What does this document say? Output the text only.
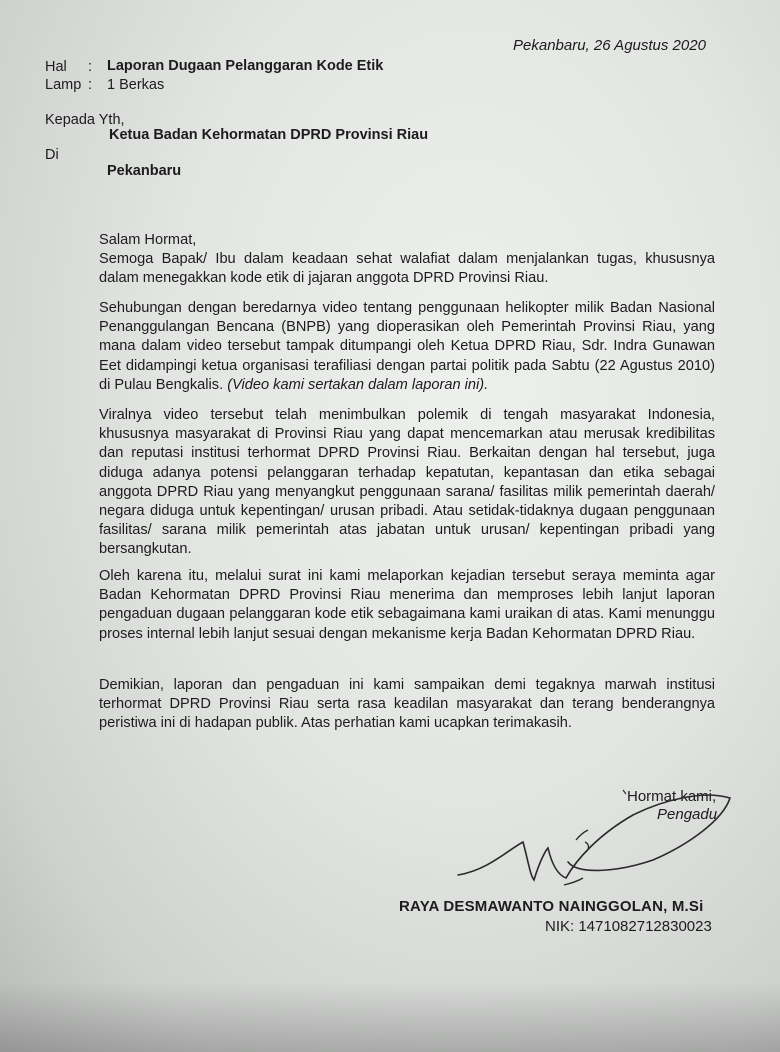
Pekanbaru, 26 Agustus 2020
Hal : Laporan Dugaan Pelanggaran Kode Etik
Lamp : 1 Berkas
Kepada Yth,
Ketua Badan Kehormatan DPRD Provinsi Riau
Di
Pekanbaru
Salam Hormat,
Semoga Bapak/ Ibu dalam keadaan sehat walafiat dalam menjalankan tugas, khususnya dalam menegakkan kode etik di jajaran anggota DPRD Provinsi Riau.
Sehubungan dengan beredarnya video tentang penggunaan helikopter milik Badan Nasional Penanggulangan Bencana (BNPB) yang dioperasikan oleh Pemerintah Provinsi Riau, yang mana dalam video tersebut tampak ditumpangi oleh Ketua DPRD Riau, Sdr. Indra Gunawan Eet didampingi ketua organisasi terafiliasi dengan partai politik pada Sabtu (22 Agustus 2010) di Pulau Bengkalis. (Video kami sertakan dalam laporan ini).
Viralnya video tersebut telah menimbulkan polemik di tengah masyarakat Indonesia, khususnya masyarakat di Provinsi Riau yang dapat mencemarkan atau merusak kredibilitas dan reputasi institusi terhormat DPRD Provinsi Riau. Berkaitan dengan hal tersebut, juga diduga adanya potensi pelanggaran terhadap kepatutan, kepantasan dan etika sebagai anggota DPRD Riau yang menyangkut penggunaan sarana/ fasilitas milik pemerintah daerah/ negara diduga untuk kepentingan/ urusan pribadi. Atau setidak-tidaknya dugaan penggunaan fasilitas/ sarana milik pemerintah atas jabatan untuk urusan/ kepentingan pribadi yang bersangkutan.
Oleh karena itu, melalui surat ini kami melaporkan kejadian tersebut seraya meminta agar Badan Kehormatan DPRD Provinsi Riau menerima dan memproses lebih lanjut laporan pengaduan dugaan pelanggaran kode etik sebagaimana kami uraikan di atas. Kami menunggu proses internal lebih lanjut sesuai dengan mekanisme kerja Badan Kehormatan DPRD Riau.
Demikian, laporan dan pengaduan ini kami sampaikan demi tegaknya marwah institusi terhormat DPRD Provinsi Riau serta rasa keadilan masyarakat dan terang benderangnya peristiwa ini di hadapan publik. Atas perhatian kami ucapkan terimakasih.
Hormat kami,
Pengadu
RAYA DESMAWANTO NAINGGOLAN, M.Si
NIK: 1471082712830023
